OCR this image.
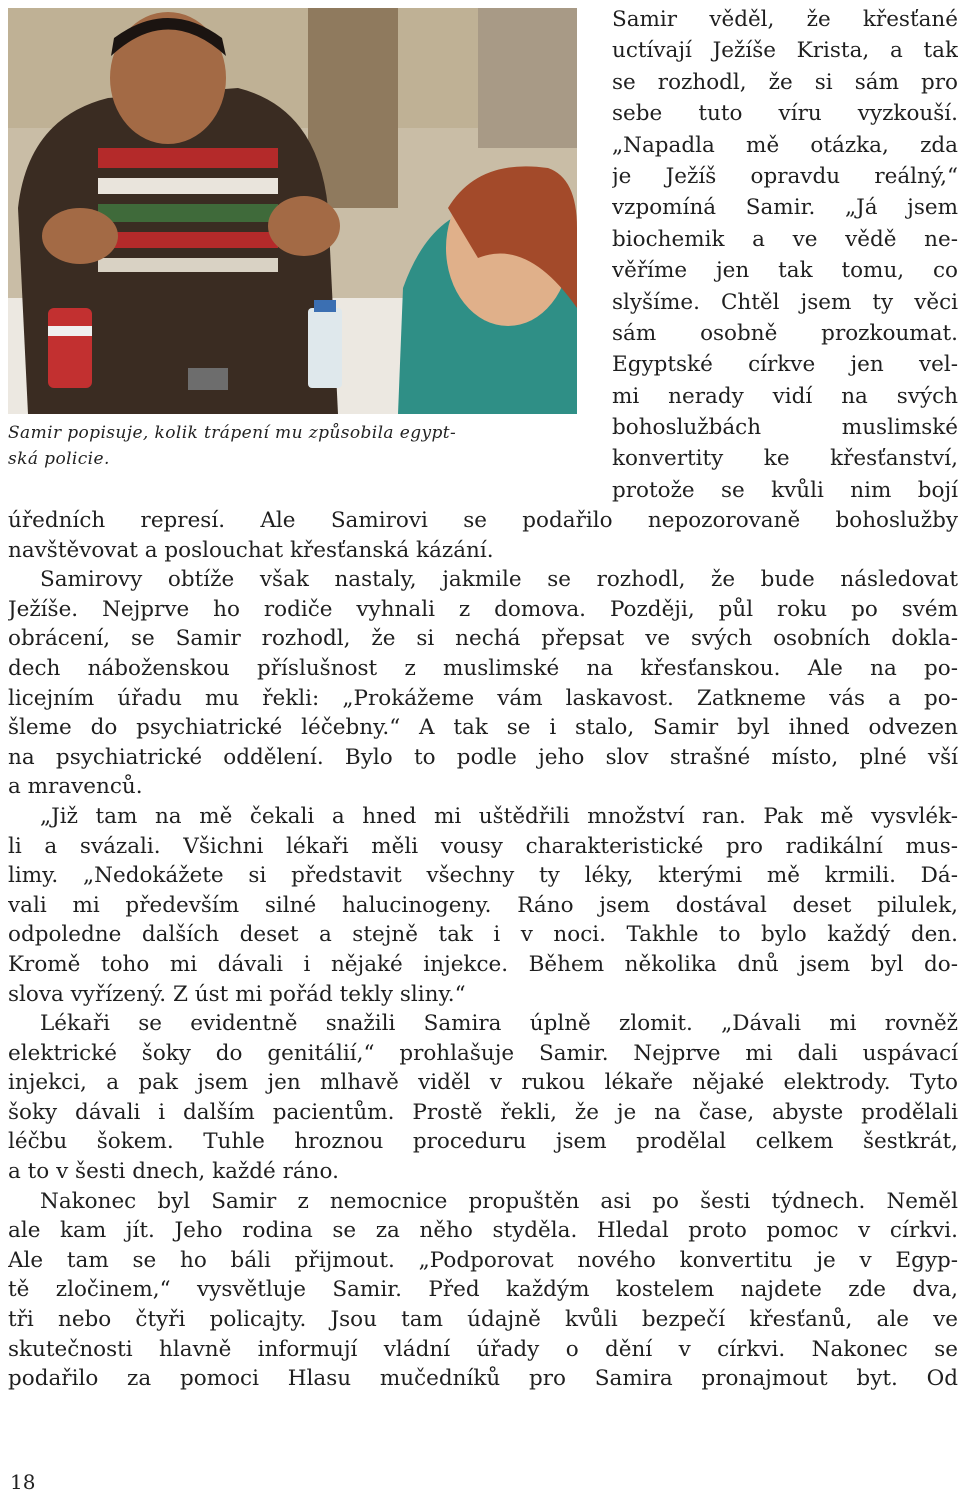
Samir popisuje, kolik trápení mu způsobila egypt-
ská policie.

Samir věděl, že křesťané
uctívají Ježíše Krista, a tak
se rozhodl, že si sám pro
sebe tuto víru vyzkouší.
„Napadla mě otázka, zda
je Ježíš opravdu reálný,“
vzpomíná Samir. „Já jsem
biochemik a ve vědě ne-
věříme jen tak tomu, co
slyšíme. Chtěl jsem ty věci
sám osobně prozkoumat.
Egyptské církve jen vel-
mi nerady vidí na svých
bohoslužbách muslimské
konvertity ke křesťanství,
protože se kvůli nim bojí
úředních represí. Ale Samirovi se podařilo nepozorovaně bohoslužby
navštěvovat a poslouchat křesťanská kázání.
Samirovy obtíže však nastaly, jakmile se rozhodl, že bude následovat
Ježíše. Nejprve ho rodiče vyhnali z domova. Později, půl roku po svém
obrácení, se Samir rozhodl, že si nechá přepsat ve svých osobních dokla-
dech náboženskou příslušnost z muslimské na křesťanskou. Ale na po-
licejním úřadu mu řekli: „Prokážeme vám laskavost. Zatkneme vás a po-
šleme do psychiatrické léčebny.“ A tak se i stalo, Samir byl ihned odvezen
na psychiatrické oddělení. Bylo to podle jeho slov strašné místo, plné vší
a mravenců.
„Již tam na mě čekali a hned mi uštědřili množství ran. Pak mě vysvlék-
li a svázali. Všichni lékaři měli vousy charakteristické pro radikální mus-
limy. „Nedokážete si představit všechny ty léky, kterými mě krmili. Dá-
vali mi především silné halucinogeny. Ráno jsem dostával deset pilulek,
odpoledne dalších deset a stejně tak i v noci. Takhle to bylo každý den.
Kromě toho mi dávali i nějaké injekce. Během několika dnů jsem byl do-
slova vyřízený. Z úst mi pořád tekly sliny.“
Lékaři se evidentně snažili Samira úplně zlomit. „Dávali mi rovněž
elektrické šoky do genitálií,“ prohlašuje Samir. Nejprve mi dali uspávací
injekci, a pak jsem jen mlhavě viděl v rukou lékaře nějaké elektrody. Tyto
šoky dávali i dalším pacientům. Prostě řekli, že je na čase, abyste prodělali
léčbu šokem. Tuhle hroznou proceduru jsem prodělal celkem šestkrát,
a to v šesti dnech, každé ráno.
Nakonec byl Samir z nemocnice propuštěn asi po šesti týdnech. Neměl
ale kam jít. Jeho rodina se za něho styděla. Hledal proto pomoc v církvi.
Ale tam se ho báli přijmout. „Podporovat nového konvertitu je v Egyp-
tě zločinem,“ vysvětluje Samir. Před každým kostelem najdete zde dva,
tři nebo čtyři policajty. Jsou tam údajně kvůli bezpečí křesťanů, ale ve
skutečnosti hlavně informují vládní úřady o dění v církvi. Nakonec se
podařilo za pomoci Hlasu mučedníků pro Samira pronajmout byt. Od
18
